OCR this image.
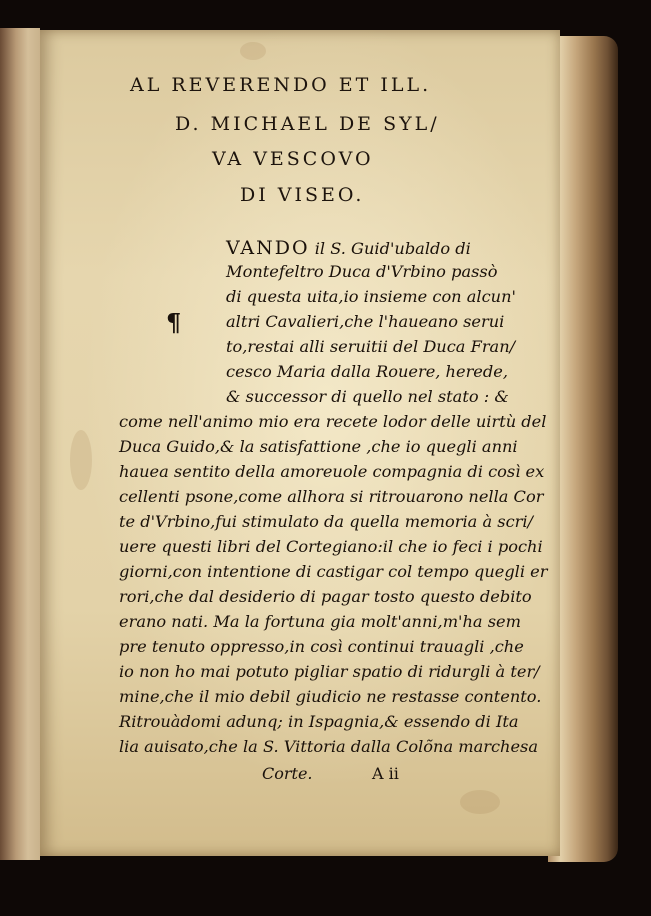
AL REVERENDO ET ILL.
D. MICHAEL DE SYL/
VA VESCOVO
DI VISEO.
VANDO il S. Guid'ubaldo di
Montefeltro Duca d'Vrbino passò
di questa uita,io insieme con alcun'
¶	altri Cavalieri,che l'haueano serui
to,restai alli seruitii del Duca Fran/
cesco Maria dalla Rouere, herede,
& successor di quello nel stato : &
come nell'animo mio era recete lodor delle uirtù del
Duca Guido,& la satisfattione ,che io quegli anni
hauea sentito della amoreuole compagnia di così ex
cellenti psone,come allhora si ritrouarono nella Cor
te d'Vrbino,fui stimulato da quella memoria à scri/
uere questi libri del Cortegiano:il che io feci i pochi
giorni,con intentione di castigar col tempo quegli er
rori,che dal desiderio di pagar tosto questo debito
erano nati. Ma la fortuna gia molt'anni,m'ha sem
pre tenuto oppresso,in così continui trauagli ,che
io non ho mai potuto pigliar spatio di ridurgli à ter/
mine,che il mio debil giudicio ne restasse contento.
Ritrouàdomi adunq; in Ispagnia,& essendo di Ita
lia auisato,che la S. Vittoria dalla Colõna marchesa
Corte.	A ii
